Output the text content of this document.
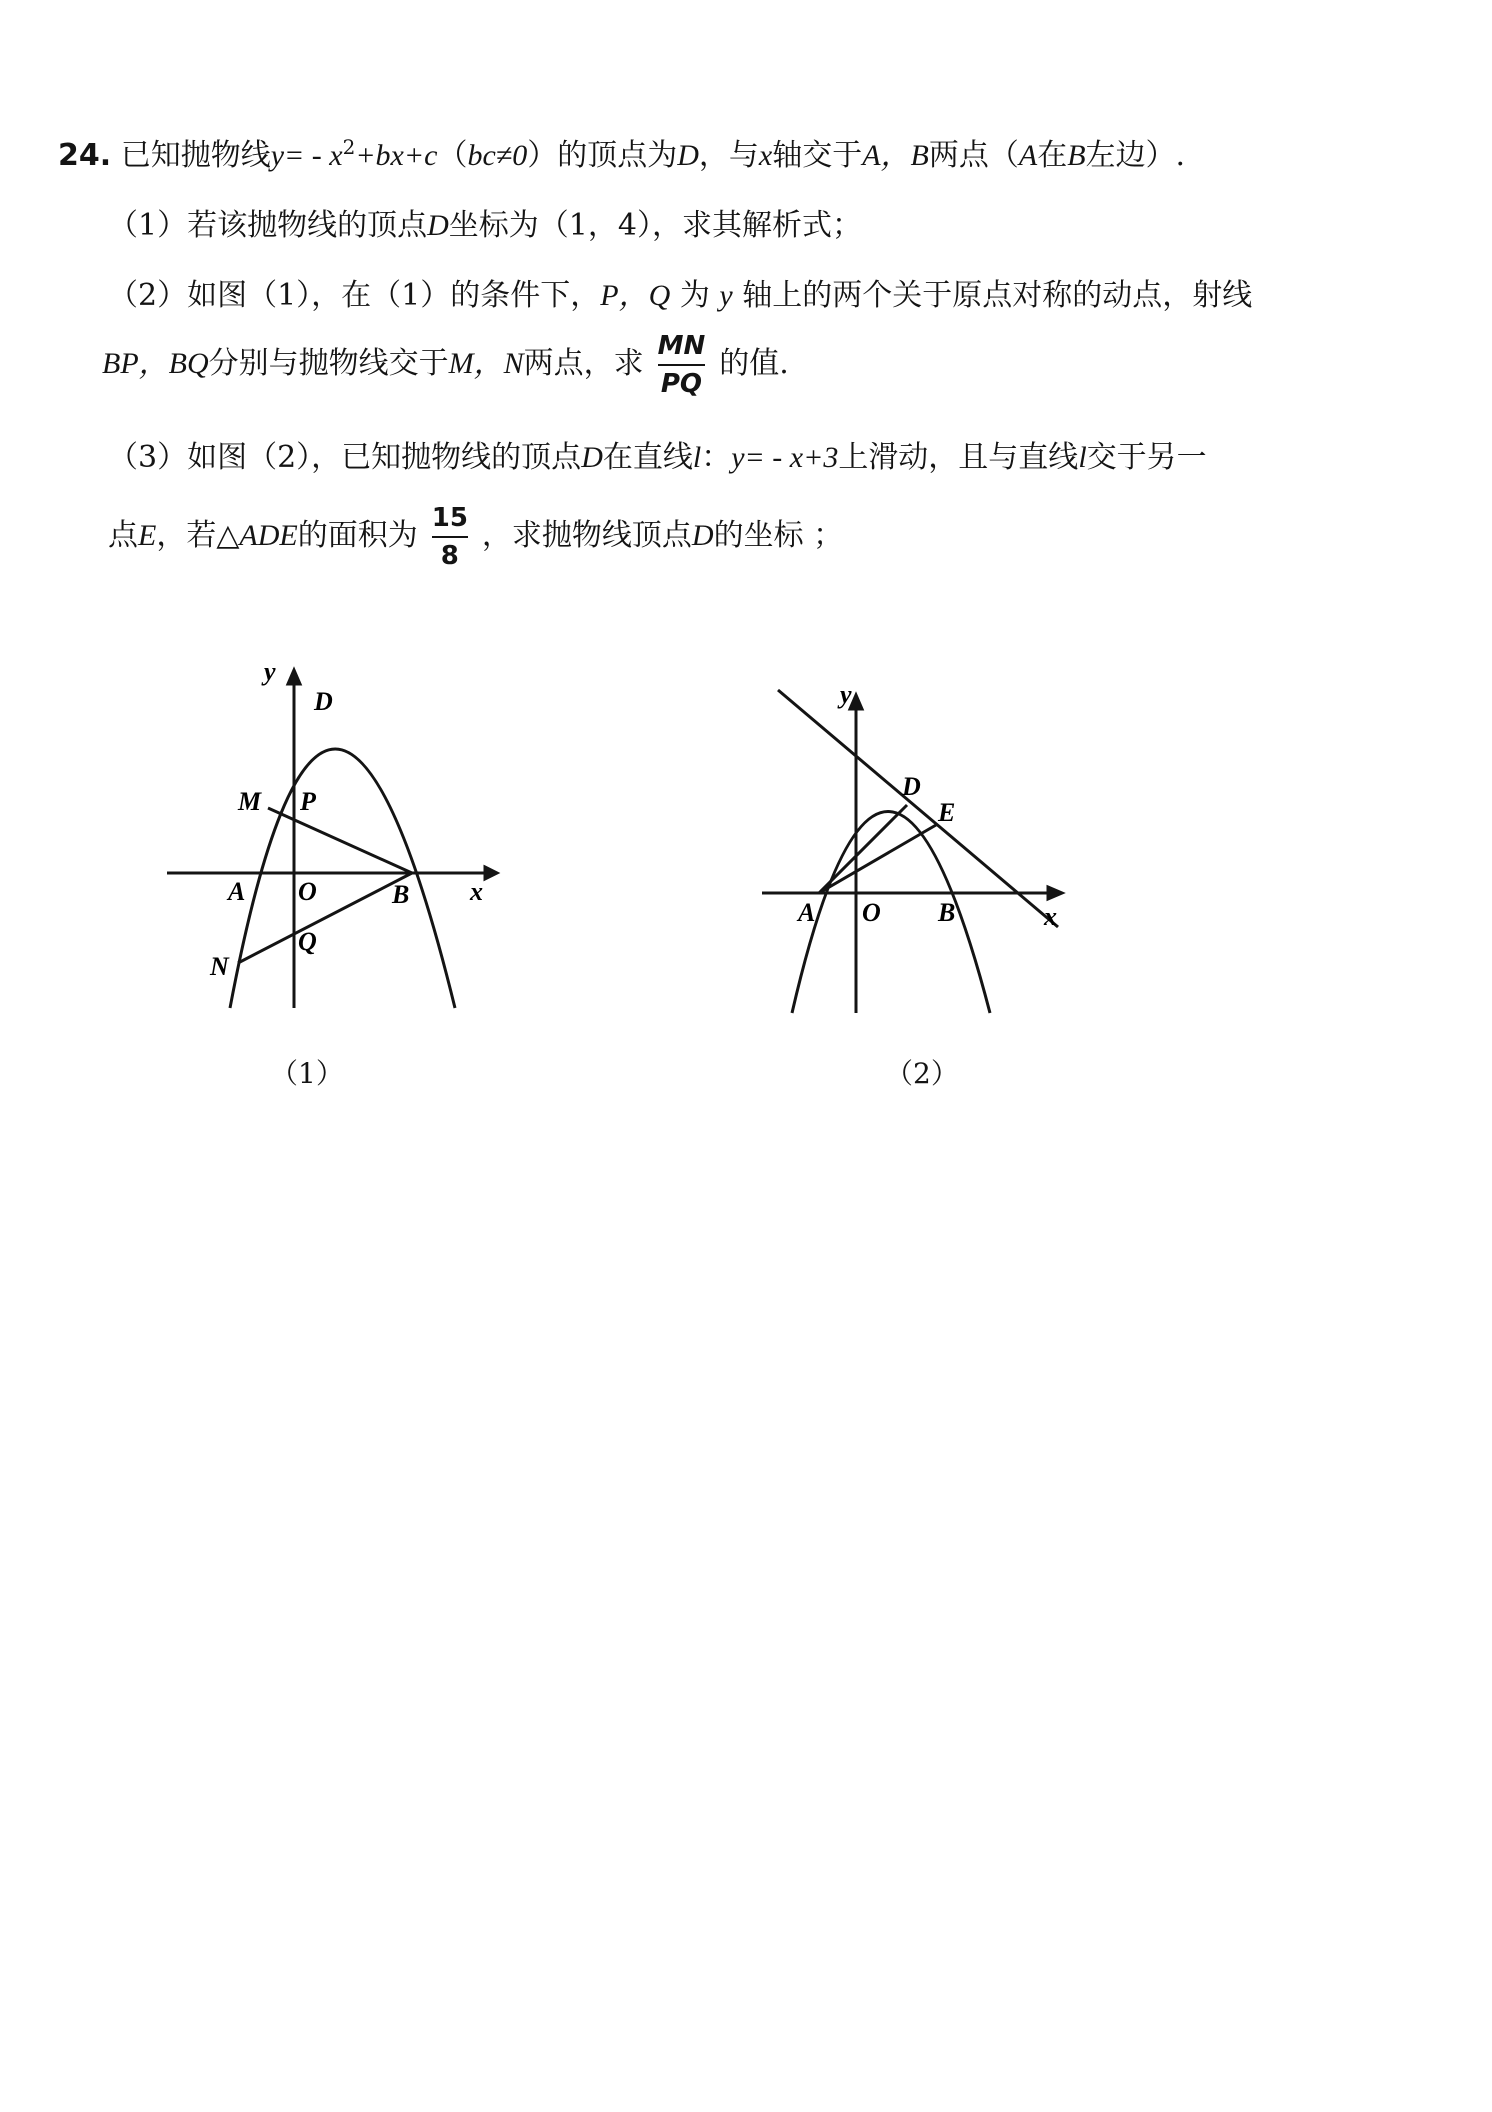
24. 已知抛物线$y= - x^2+bx+c(bc\ne 0)$的顶点为D，与x轴交于A，B两点（A在B左边）.
（1）若该抛物线的顶点D坐标为（1，4），求其解析式；
（2）如图（1），在（1）的条件下，P，Q 为 y 轴上的两个关于原点对称的动点，射线
BP，BQ分别与抛物线交于M，N两点，求 $\frac{MN}{PQ}$ 的值.
（3）如图（2），已知抛物线的顶点D在直线l：y= - x+3上滑动，且与直线l交于另一
点E，若△ADE的面积为 $\frac{15}{8}$ ，求抛物线顶点D的坐标 ；
y
D
M P
A O	B x
Q
N
（1）
y
D
E
A O B	x
（2）
